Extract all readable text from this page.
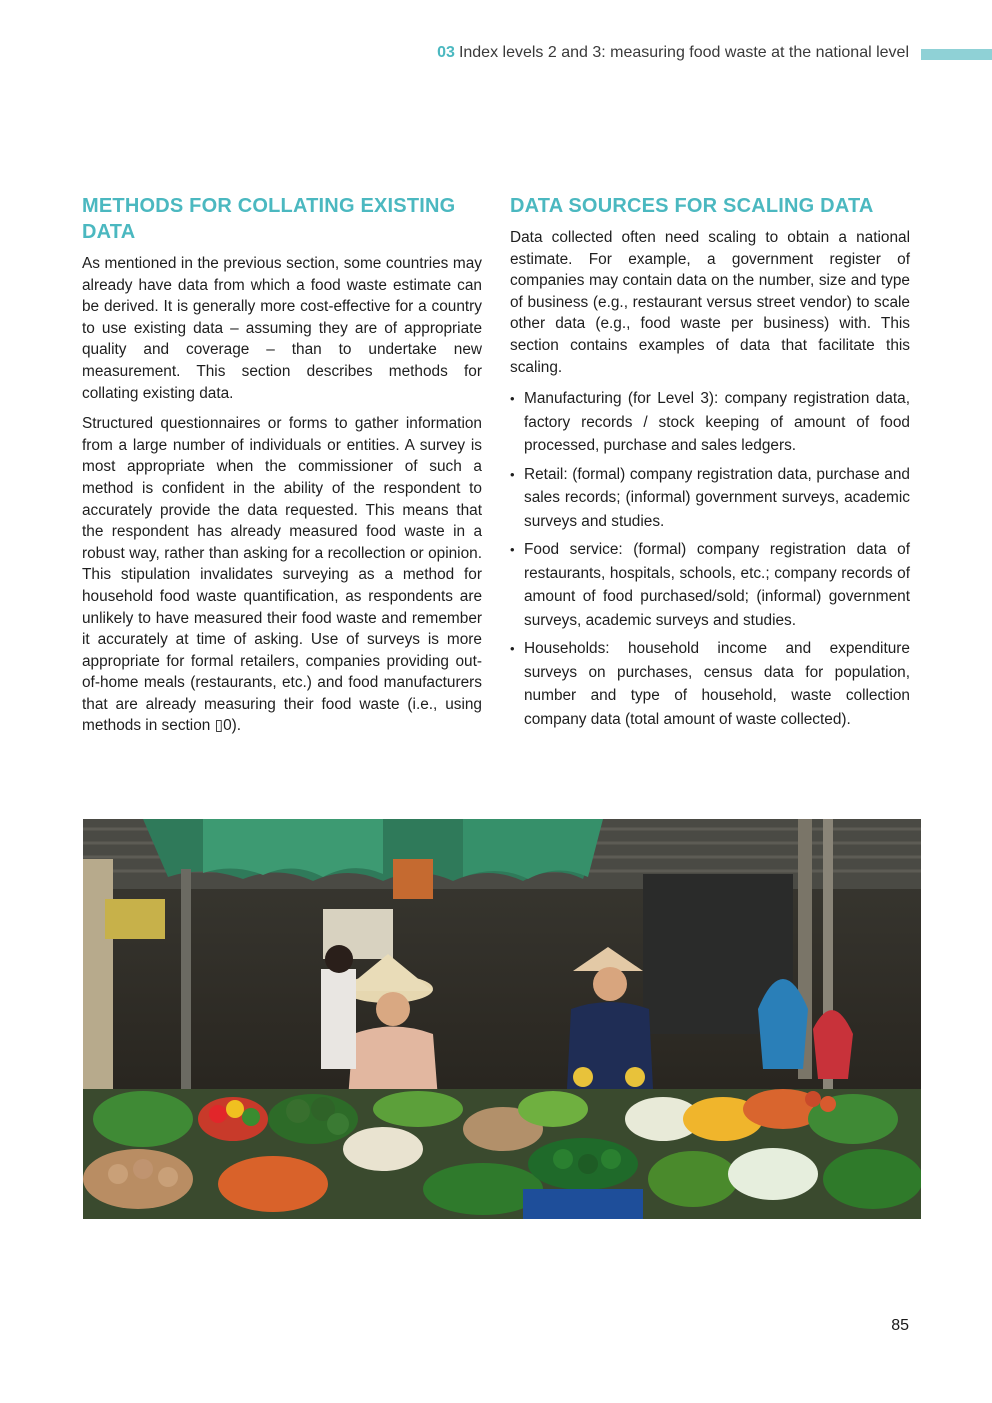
03 Index levels 2 and 3: measuring food waste at the national level
METHODS FOR COLLATING EXISTING DATA

As mentioned in the previous section, some countries may already have data from which a food waste estimate can be derived. It is generally more cost-effective for a country to use existing data – assuming they are of appropriate quality and coverage – than to undertake new measurement. This section describes methods for collating existing data.

Structured questionnaires or forms to gather information from a large number of individuals or entities. A survey is most appropriate when the commissioner of such a method is confident in the ability of the respondent to accurately provide the data requested. This means that the respondent has already measured food waste in a robust way, rather than asking for a recollection or opinion. This stipulation invalidates surveying as a method for household food waste quantification, as respondents are unlikely to have measured their food waste and remember it accurately at time of asking. Use of surveys is more appropriate for formal retailers, companies providing out-of-home meals (restaurants, etc.) and food manufacturers that are already measuring their food waste (i.e., using methods in section ▯0).

DATA SOURCES FOR SCALING DATA

Data collected often need scaling to obtain a national estimate. For example, a government register of companies may contain data on the number, size and type of business (e.g., restaurant versus street vendor) to scale other data (e.g., food waste per business) with. This section contains examples of data that facilitate this scaling.

• Manufacturing (for Level 3): company registration data, factory records / stock keeping of amount of food processed, purchase and sales ledgers.
• Retail: (formal) company registration data, purchase and sales records; (informal) government surveys, academic surveys and studies.
• Food service: (formal) company registration data of restaurants, hospitals, schools, etc.; company records of amount of food purchased/sold; (informal) government surveys, academic surveys and studies.
• Households: household income and expenditure surveys on purchases, census data for population, number and type of household, waste collection company data (total amount of waste collected).
85
